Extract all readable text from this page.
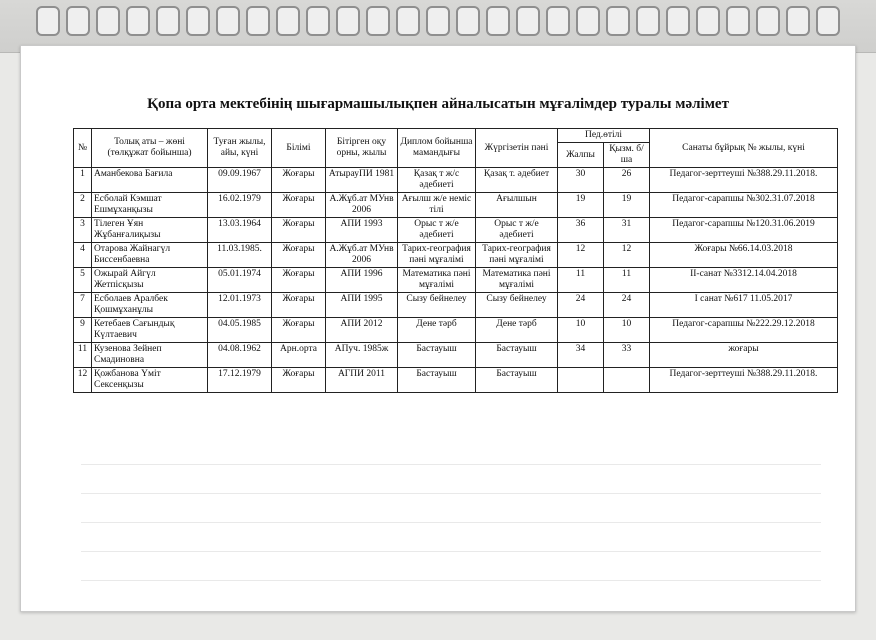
Қопа орта мектебінің шығармашылықпен айналысатын мұғалімдер туралы мәлімет
№	Толық аты – жөні (төлқұжат бойынша)	Туған жылы, айы, күні	Білімі	Бітірген оқу орны, жылы	Диплом бойынша мамандығы	Жүргізетін пәні	Пед.өтілі		Санаты бұйрық № жылы, күні
							Жалпы	Қызм. б/ша	
1	Аманбекова Бағила	09.09.1967	Жоғары	АтырауПИ 1981	Қазақ т ж/с әдебиеті	Қазақ т. әдебиет	30	26	Педагог-зерттеуші №388.29.11.2018.
2	Есболай Кэмшат Ешмұханқызы	16.02.1979	Жоғары	А.Жұб.ат МУнв 2006	Ағылш ж/е неміс тілі	Ағылшын	19	19	Педагог-сарапшы №302.31.07.2018
3	Тілеген Ұян Жұбанғалиқызы	13.03.1964	Жоғары	АПИ 1993	Орыс т ж/е әдебиеті	Орыс т ж/е әдебиеті	36	31	Педагог-сарапшы №120.31.06.2019
4	Отарова Жайнагүл Биссенбаевна	11.03.1985.	Жоғары	А.Жұб.ат МУнв 2006	Тарих-география пәні мұғалімі	Тарих-география пәні мұғалімі	12	12	Жоғары №66.14.03.2018
5	Ожырай Айгүл Жетпісқызы	05.01.1974	Жоғары	АПИ 1996	Математика пәні мұғалімі	Математика пәні мұғалімі	11	11	ІІ-санат №3312.14.04.2018
7	Есболаев Аралбек Қошмұханұлы	12.01.1973	Жоғары	АПИ 1995	Сызу бейнелеу	Сызу бейнелеу	24	24	І санат №617 11.05.2017
9	Кетебаев Сағындық Күлтаевич	04.05.1985	Жоғары	АПИ 2012	Дене тәрб	Дене тәрб	10	10	Педагог-сарапшы №222.29.12.2018
11	Кузенова Зейнеп Смадиновна	04.08.1962	Арн.орта	АПуч. 1985ж	Бастауыш	Бастауыш	34	33	жоғары
12	Қожбанова Үміт Сексенқызы	17.12.1979	Жоғары	АГПИ 2011	Бастауыш	Бастауыш			Педагог-зерттеуші №388.29.11.2018.
